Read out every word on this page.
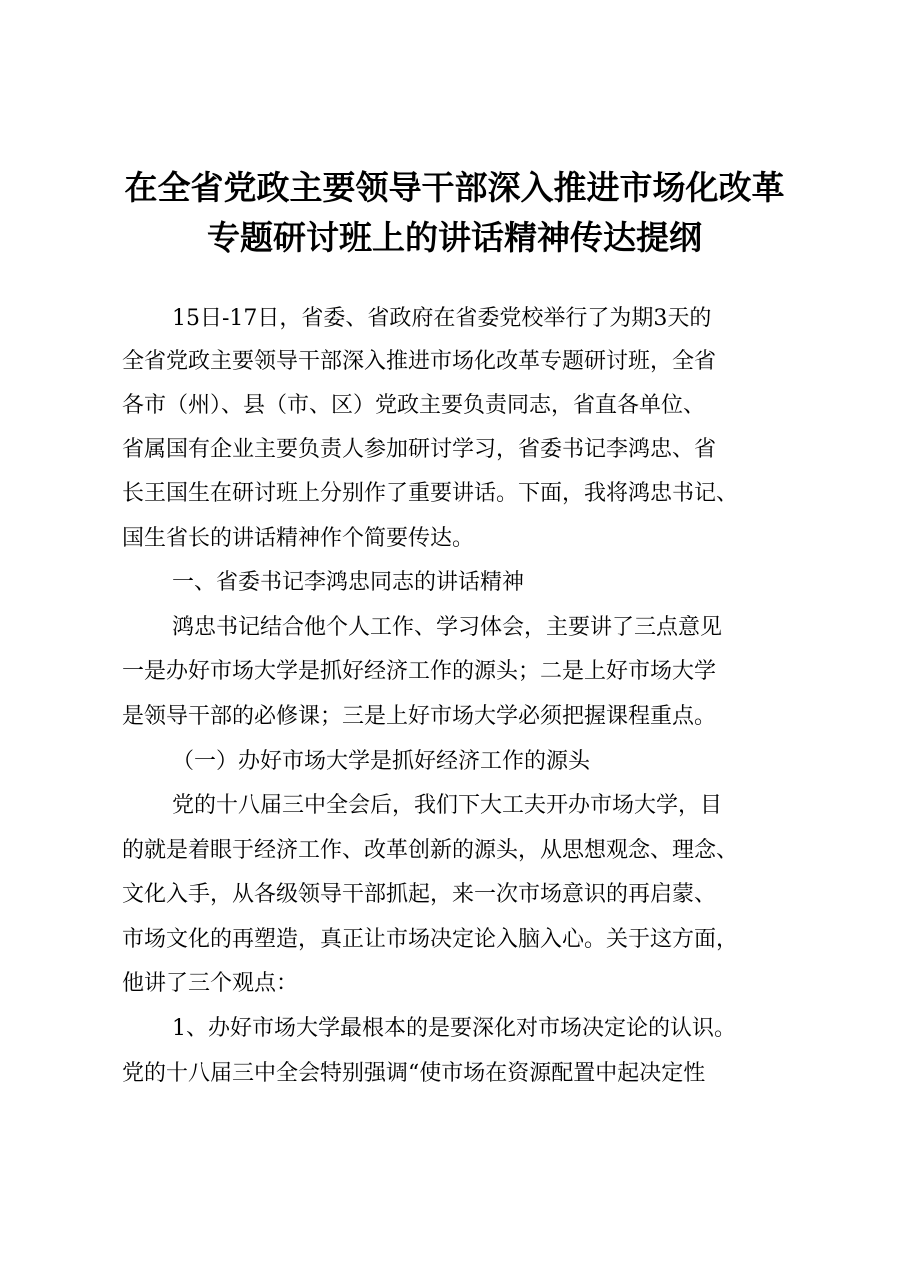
在全省党政主要领导干部深入推进市场化改革
专题研讨班上的讲话精神传达提纲
15日-17日，省委、省政府在省委党校举行了为期3天的
全省党政主要领导干部深入推进市场化改革专题研讨班，全省
各市（州）、县（市、区）党政主要负责同志，省直各单位、
省属国有企业主要负责人参加研讨学习，省委书记李鸿忠、省
长王国生在研讨班上分别作了重要讲话。下面，我将鸿忠书记、
国生省长的讲话精神作个简要传达。
一、省委书记李鸿忠同志的讲话精神
鸿忠书记结合他个人工作、学习体会，主要讲了三点意见
一是办好市场大学是抓好经济工作的源头；二是上好市场大学
是领导干部的必修课；三是上好市场大学必须把握课程重点。
（一）办好市场大学是抓好经济工作的源头
党的十八届三中全会后，我们下大工夫开办市场大学，目
的就是着眼于经济工作、改革创新的源头，从思想观念、理念、
文化入手，从各级领导干部抓起，来一次市场意识的再启蒙、
市场文化的再塑造，真正让市场决定论入脑入心。关于这方面，
他讲了三个观点：
1、办好市场大学最根本的是要深化对市场决定论的认识。
党的十八届三中全会特别强调“使市场在资源配置中起决定性
